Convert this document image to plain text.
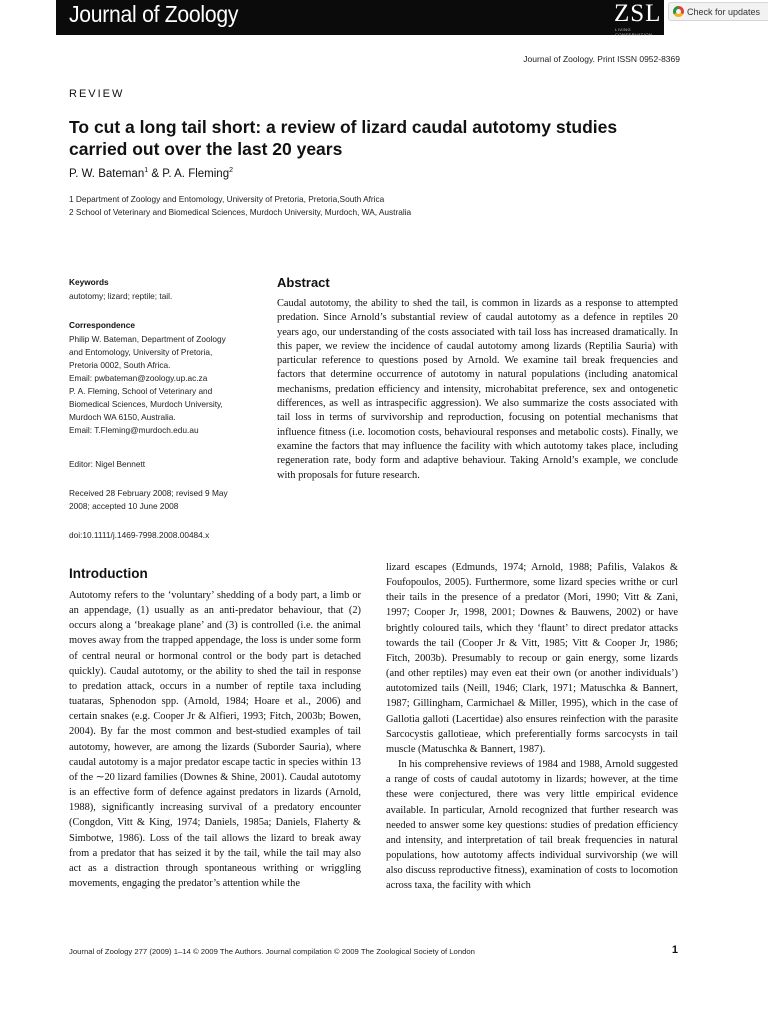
Journal of Zoology	ZSL
LIVING CONSERVATION
Check for updates
Journal of Zoology. Print ISSN 0952-8369
REVIEW
To cut a long tail short: a review of lizard caudal autotomy studies carried out over the last 20 years
P. W. Bateman$^1$ & P. A. Fleming$^2$
1 Department of Zoology and Entomology, University of Pretoria, Pretoria,South Africa
2 School of Veterinary and Biomedical Sciences, Murdoch University, Murdoch, WA, Australia
Keywords
autotomy; lizard; reptile; tail.
Correspondence
Philip W. Bateman, Department of Zoology
and Entomology, University of Pretoria,
Pretoria 0002, South Africa.
Email: pwbateman@zoology.up.ac.za
P. A. Fleming, School of Veterinary and
Biomedical Sciences, Murdoch University,
Murdoch WA 6150, Australia.
Email: T.Fleming@murdoch.edu.au
Editor: Nigel Bennett
Received 28 February 2008; revised 9 May
2008; accepted 10 June 2008
doi:10.1111/j.1469-7998.2008.00484.x
Abstract
Caudal autotomy, the ability to shed the tail, is common in lizards as a response to attempted predation. Since Arnold’s substantial review of caudal autotomy as a defence in reptiles 20 years ago, our understanding of the costs associated with tail loss has increased dramatically. In this paper, we review the incidence of caudal autotomy among lizards (Reptilia Sauria) with particular reference to questions posed by Arnold. We examine tail break frequencies and factors that determine occurrence of autotomy in natural populations (including anatomical mechanisms, predation efficiency and intensity, microhabitat preference, sex and ontogenetic differences, as well as intraspecific aggression). We also summarize the costs associated with tail loss in terms of survivorship and reproduction, focusing on potential mechanisms that influence fitness (i.e. locomotion costs, behavioural responses and metabolic costs). Finally, we examine the factors that may influence the facility with which autotomy takes place, including regeneration rate, body form and adaptive behaviour. Taking Arnold’s example, we conclude with proposals for future research.
Introduction

Autotomy refers to the ‘voluntary’ shedding of a body part, a limb or an appendage, (1) usually as an anti-predator behaviour, that (2) occurs along a ‘breakage plane’ and (3) is controlled (i.e. the animal moves away from the trapped appendage, the loss is under some form of central neural or hormonal control or the body part is detached quickly). Caudal autotomy, or the ability to shed the tail in response to predation attack, occurs in a number of reptile taxa including tuataras, Sphenodon spp. (Arnold, 1984; Hoare et al., 2006) and certain snakes (e.g. Cooper Jr & Alfieri, 1993; Fitch, 2003b; Bowen, 2004). By far the most common and best-studied examples of tail autotomy, however, are among the lizards (Suborder Sauria), where caudal autotomy is a major predator escape tactic in species within 13 of the ∼20 lizard families (Downes & Shine, 2001). Caudal autotomy is an effective form of defence against predators in lizards (Arnold, 1988), significantly increasing survival of a predatory encounter (Congdon, Vitt & King, 1974; Daniels, 1985a; Daniels, Flaherty & Simbotwe, 1986). Loss of the tail allows the lizard to break away from a predator that has seized it by the tail, while the tail may also act as a distraction through spontaneous writhing or wriggling movements, engaging the predator’s attention while the

lizard escapes (Edmunds, 1974; Arnold, 1988; Pafilis, Valakos & Foufopoulos, 2005). Furthermore, some lizard species writhe or curl their tails in the presence of a predator (Mori, 1990; Vitt & Zani, 1997; Cooper Jr, 1998, 2001; Downes & Bauwens, 2002) or have brightly coloured tails, which they ‘flaunt’ to direct predator attacks towards the tail (Cooper Jr & Vitt, 1985; Vitt & Cooper Jr, 1986; Fitch, 2003b). Presumably to recoup or gain energy, some lizards (and other reptiles) may even eat their own (or another individuals’) autotomized tails (Neill, 1946; Clark, 1971; Matuschka & Bannert, 1987; Gillingham, Carmichael & Miller, 1995), which in the case of Gallotia galloti (Lacertidae) also ensures reinfection with the parasite Sarcocystis gallotieae, which preferentially forms sarcocysts in tail muscle (Matuschka & Bannert, 1987).

In his comprehensive reviews of 1984 and 1988, Arnold suggested a range of costs of caudal autotomy in lizards; however, at the time these were conjectured, there was very little empirical evidence available. In particular, Arnold recognized that further research was needed to answer some key questions: studies of predation efficiency and intensity, and interpretation of tail break frequencies in natural populations, how autotomy affects individual survivorship (we will also discuss reproductive fitness), examination of costs to locomotion across taxa, the facility with which

Journal of Zoology 277 (2009) 1–14 © 2009 The Authors. Journal compilation © 2009 The Zoological Society of London	1
